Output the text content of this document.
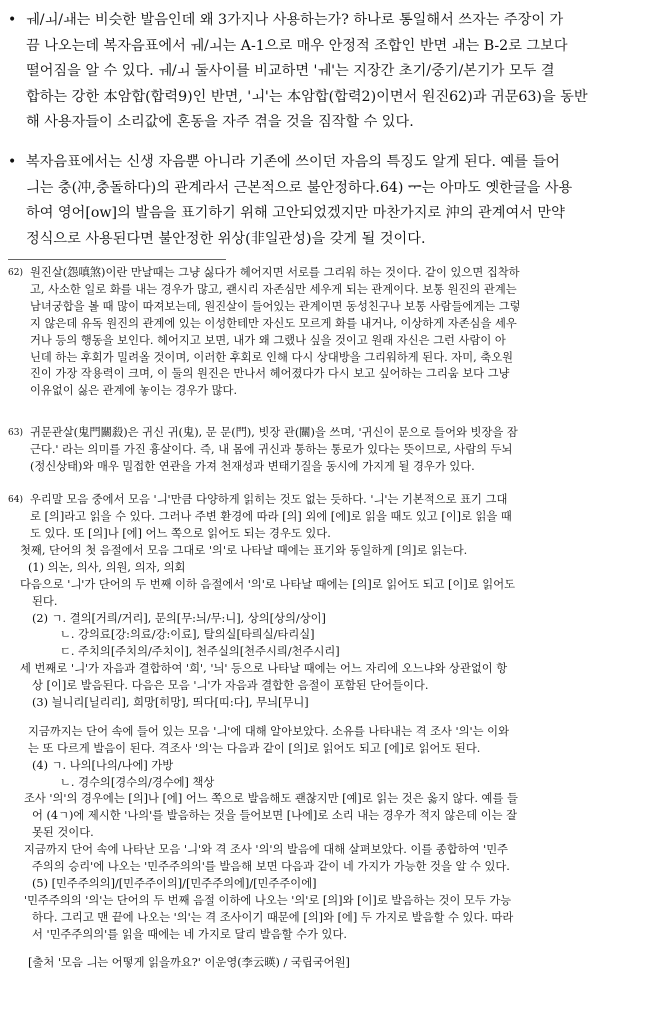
• ㅞ/ㅚ/ㅙ는 비슷한 발음인데 왜 3가지나 사용하는가? 하나로 통일해서 쓰자는 주장이 가
끔 나오는데 복자음표에서 ㅞ/ㅚ는 A-1으로 매우 안정적 조합인 반면 ㅙ는 B-2로 그보다
떨어짐을 알 수 있다. ㅞ/ㅚ 둘사이를 비교하면 'ㅞ'는 지장간 초기/중기/본기가 모두 결
합하는 강한 本암합(합력9)인 반면, 'ㅚ'는 本암합(합력2)이면서 원진62)과 귀문63)을 동반
해 사용자들이 소리값에 혼동을 자주 겪을 것을 짐작할 수 있다.
• 복자음표에서는 신생 자음뿐 아니라 기존에 쓰이던 자음의 특징도 알게 된다. 예를 들어
ㅢ는 충(冲,충돌하다)의 관계라서 근본적으로 불안정하다.64) ᆍ는 아마도 옛한글을 사용
하여 영어[ow]의 발음을 표기하기 위해 고안되었겠지만 마찬가지로 沖의 관계여서 만약
정식으로 사용된다면 불안정한 위상(非일관성)을 갖게 될 것이다.
62) 원진살(怨嗔煞)이란 만날때는 그냥 싫다가 헤어지면 서로를 그리워 하는 것이다. 같이 있으면 집착하
고, 사소한 일로 화를 내는 경우가 많고, 괜시리 자존심만 세우게 되는 관계이다. 보통 원진의 관계는
남녀궁합을 볼 때 많이 따져보는데, 원진살이 들어있는 관계이면 동성친구나 보통 사람들에게는 그렇
지 않은데 유독 원진의 관계에 있는 이성한테만 자신도 모르게 화를 내거나, 이상하게 자존심을 세우
거나 등의 행동을 보인다. 헤어지고 보면, 내가 왜 그랬나 싶을 것이고 원래 자신은 그런 사람이 아
닌데 하는 후회가 밀려올 것이며, 이러한 후회로 인해 다시 상대방을 그리워하게 된다. 자미, 축오원
진이 가장 작용력이 크며, 이 둘의 원진은 만나서 헤어졌다가 다시 보고 싶어하는 그리움 보다 그냥
이유없이 싫은 관계에 놓이는 경우가 많다.
63) 귀문관살(鬼門關殺)은 귀신 귀(鬼), 문 문(門), 빗장 관(關)을 쓰며, '귀신이 문으로 들어와 빗장을 잠
근다.' 라는 의미를 가진 흉살이다. 즉, 내 몸에 귀신과 통하는 통로가 있다는 뜻이므로, 사람의 두뇌
(정신상태)와 매우 밀접한 연관을 가져 천재성과 변태기질을 동시에 가지게 될 경우가 있다.
64) 우리말 모음 중에서 모음 'ㅢ'만큼 다양하게 읽히는 것도 없는 듯하다. 'ㅢ'는 기본적으로 표기 그대
로 [의]라고 읽을 수 있다. 그러나 주변 환경에 따라 [의] 외에 [에]로 읽을 때도 있고 [이]로 읽을 때
도 있다. 또 [의]나 [에] 어느 쪽으로 읽어도 되는 경우도 있다.
첫째, 단어의 첫 음절에서 모음 그대로 '의'로 나타날 때에는 표기와 동일하게 [의]로 읽는다.
(1) 의논, 의사, 의원, 의자, 의회
다음으로 'ㅢ'가 단어의 두 번째 이하 음절에서 '의'로 나타날 때에는 [의]로 읽어도 되고 [이]로 읽어도
된다.
(2) ㄱ. 결의[거릐/거리], 문의[무:늬/무:니], 상의[상의/상이]
ㄴ. 강의료[강:의료/강:이료], 탈의실[타릐실/타리실]
ㄷ. 주치의[주치의/주치이], 천주실의[천주시릐/천주시리]
세 번째로 'ㅢ'가 자음과 결합하여 '희', '늬' 등으로 나타날 때에는 어느 자리에 오느냐와 상관없이 항
상 [이]로 발음된다. 다음은 모음 'ㅢ'가 자음과 결합한 음절이 포함된 단어들이다.
(3) 늴니리[닐리리], 희망[히망], 띄다[띠:다], 무늬[무니]
지금까지는 단어 속에 들어 있는 모음 'ㅢ'에 대해 알아보았다. 소유를 나타내는 격 조사 '의'는 이와
는 또 다르게 발음이 된다. 격조사 '의'는 다음과 같이 [의]로 읽어도 되고 [에]로 읽어도 된다.
(4) ㄱ. 나의[나의/나에] 가방
ㄴ. 경수의[경수의/경수에] 책상
조사 '의'의 경우에는 [의]나 [에] 어느 쪽으로 발음해도 괜찮지만 [예]로 읽는 것은 옳지 않다. 예를 들
어 (4ㄱ)에 제시한 '나의'를 발음하는 것을 들어보면 [나에]로 소리 내는 경우가 적지 않은데 이는 잘
못된 것이다.
지금까지 단어 속에 나타난 모음 'ㅢ'와 격 조사 '의'의 발음에 대해 살펴보았다. 이를 종합하여 '민주
주의의 승리'에 나오는 '민주주의의'를 발음해 보면 다음과 같이 네 가지가 가능한 것을 알 수 있다.
(5) [민주주의의]/[민주주이의]/[민주주의에]/[민주주이에]
'민주주의의 '의'는 단어의 두 번째 음절 이하에 나오는 '의'로 [의]와 [이]로 발음하는 것이 모두 가능
하다. 그리고 맨 끝에 나오는 '의'는 격 조사이기 때문에 [의]와 [에] 두 가지로 발음할 수 있다. 따라
서 '민주주의의'를 읽을 때에는 네 가지로 달리 발음할 수가 있다.
[출처 '모음 ㅢ는 어떻게 읽을까요?' 이운영(李云暎) / 국립국어원]
